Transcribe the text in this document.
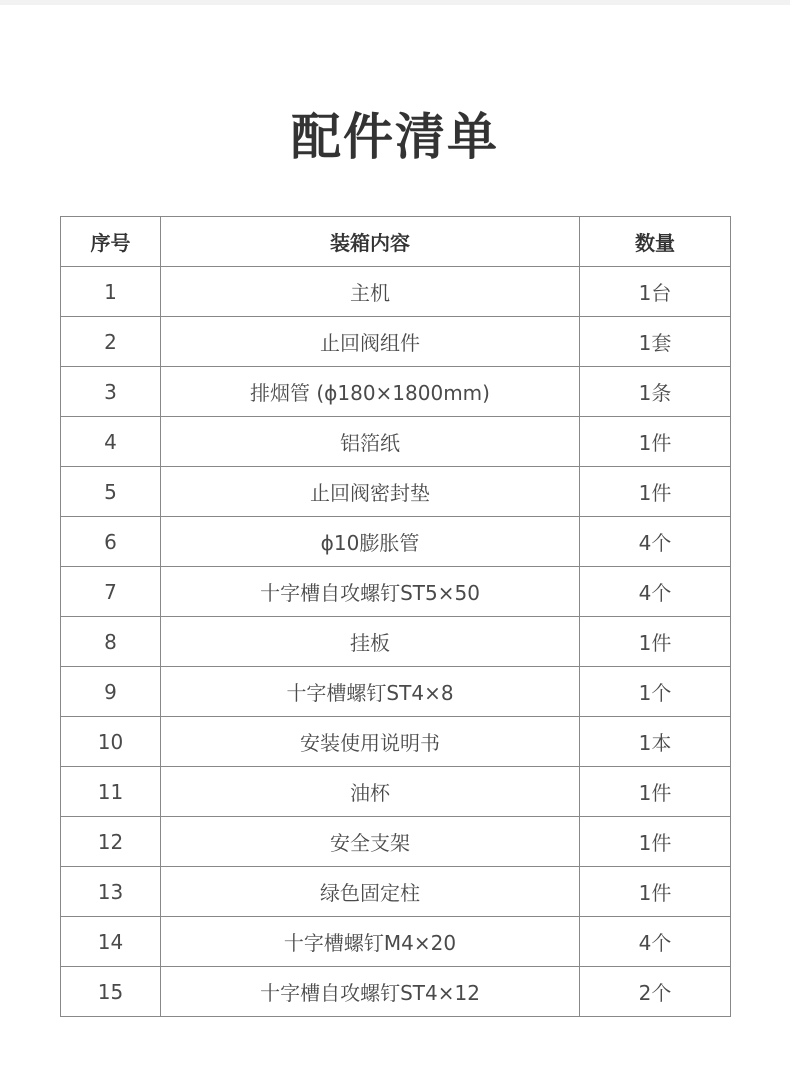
配件清单
序号	装箱内容	数量
1	主机	1台
2	止回阀组件	1套
3	排烟管 (ϕ180×1800mm)	1条
4	铝箔纸	1件
5	止回阀密封垫	1件
6	ϕ10膨胀管	4个
7	十字槽自攻螺钉ST5×50	4个
8	挂板	1件
9	十字槽螺钉ST4×8	1个
10	安装使用说明书	1本
11	油杯	1件
12	安全支架	1件
13	绿色固定柱	1件
14	十字槽螺钉M4×20	4个
15	十字槽自攻螺钉ST4×12	2个
